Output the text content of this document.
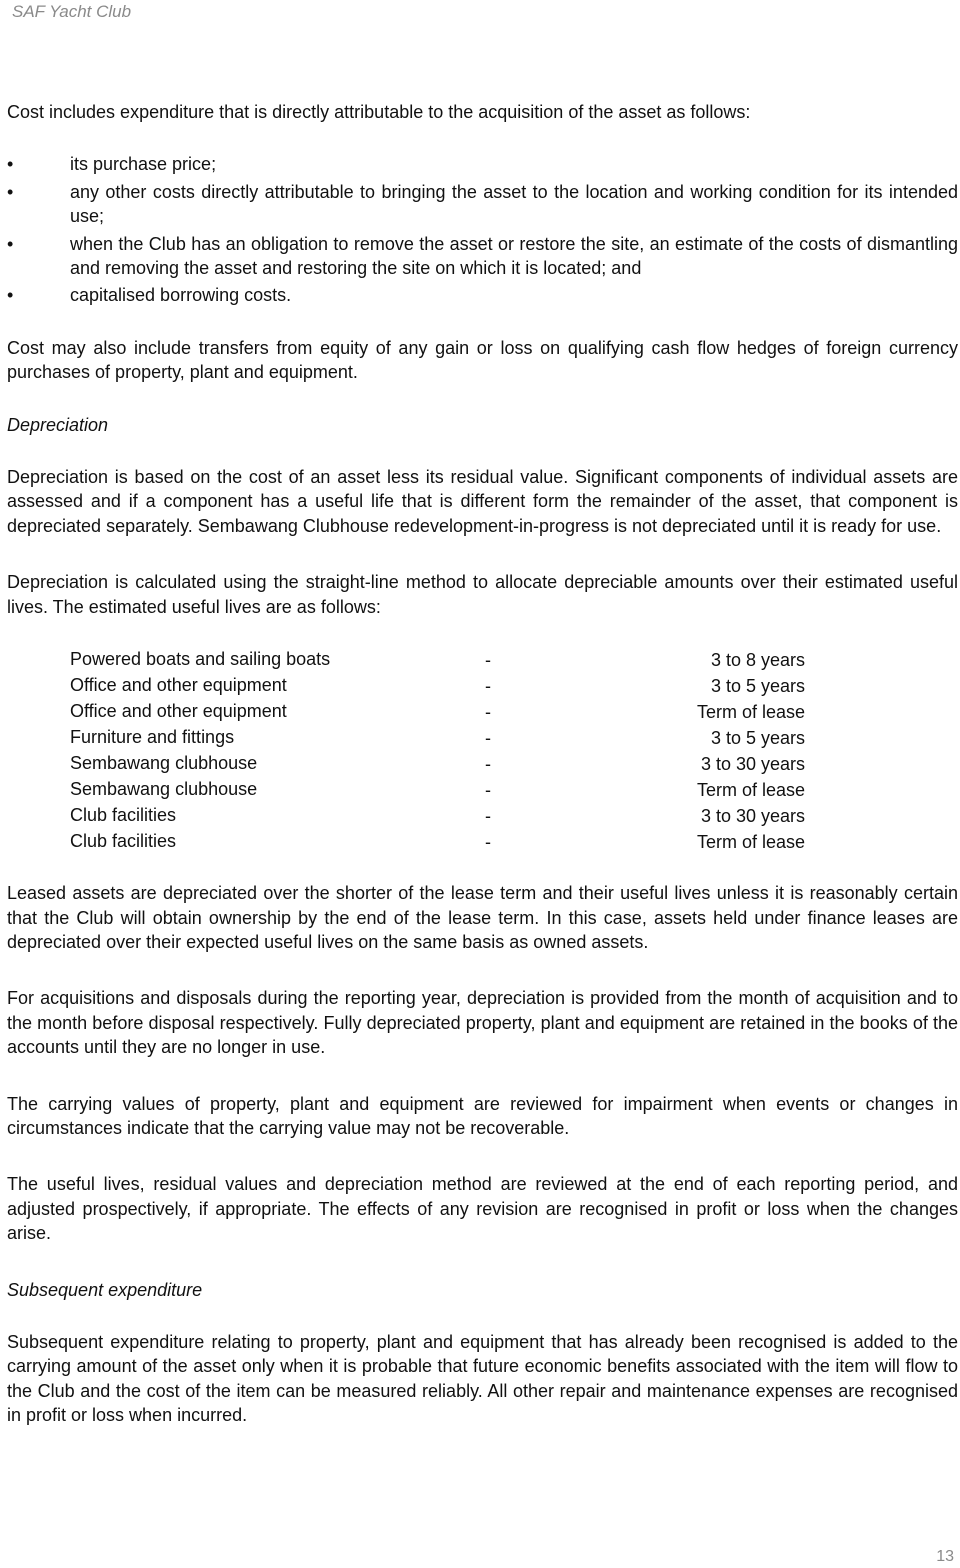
SAF Yacht Club

Cost includes expenditure that is directly attributable to the acquisition of the asset as follows:

•	its purchase price;
•	any other costs directly attributable to bringing the asset to the location and working condition for its intended use;
•	when the Club has an obligation to remove the asset or restore the site, an estimate of the costs of dismantling and removing the asset and restoring the site on which it is located; and
•	capitalised borrowing costs.

Cost may also include transfers from equity of any gain or loss on qualifying cash flow hedges of foreign currency purchases of property, plant and equipment.

Depreciation

Depreciation is based on the cost of an asset less its residual value. Significant components of individual assets are assessed and if a component has a useful life that is different form the remainder of the asset, that component is depreciated separately. Sembawang Clubhouse redevelopment-in-progress is not depreciated until it is ready for use.

Depreciation is calculated using the straight-line method to allocate depreciable amounts over their estimated useful lives. The estimated useful lives are as follows:

Powered boats and sailing boats	-	3 to 8 years
Office and other equipment	-	3 to 5 years
Office and other equipment	-	Term of lease
Furniture and fittings	-	3 to 5 years
Sembawang clubhouse	-	3 to 30 years
Sembawang clubhouse	-	Term of lease
Club facilities	-	3 to 30 years
Club facilities	-	Term of lease

Leased assets are depreciated over the shorter of the lease term and their useful lives unless it is reasonably certain that the Club will obtain ownership by the end of the lease term. In this case, assets held under finance leases are depreciated over their expected useful lives on the same basis as owned assets.

For acquisitions and disposals during the reporting year, depreciation is provided from the month of acquisition and to the month before disposal respectively. Fully depreciated property, plant and equipment are retained in the books of the accounts until they are no longer in use.

The carrying values of property, plant and equipment are reviewed for impairment when events or changes in circumstances indicate that the carrying value may not be recoverable.

The useful lives, residual values and depreciation method are reviewed at the end of each reporting period, and adjusted prospectively, if appropriate. The effects of any revision are recognised in profit or loss when the changes arise.

Subsequent expenditure

Subsequent expenditure relating to property, plant and equipment that has already been recognised is added to the carrying amount of the asset only when it is probable that future economic benefits associated with the item will flow to the Club and the cost of the item can be measured reliably. All other repair and maintenance expenses are recognised in profit or loss when incurred.

13
